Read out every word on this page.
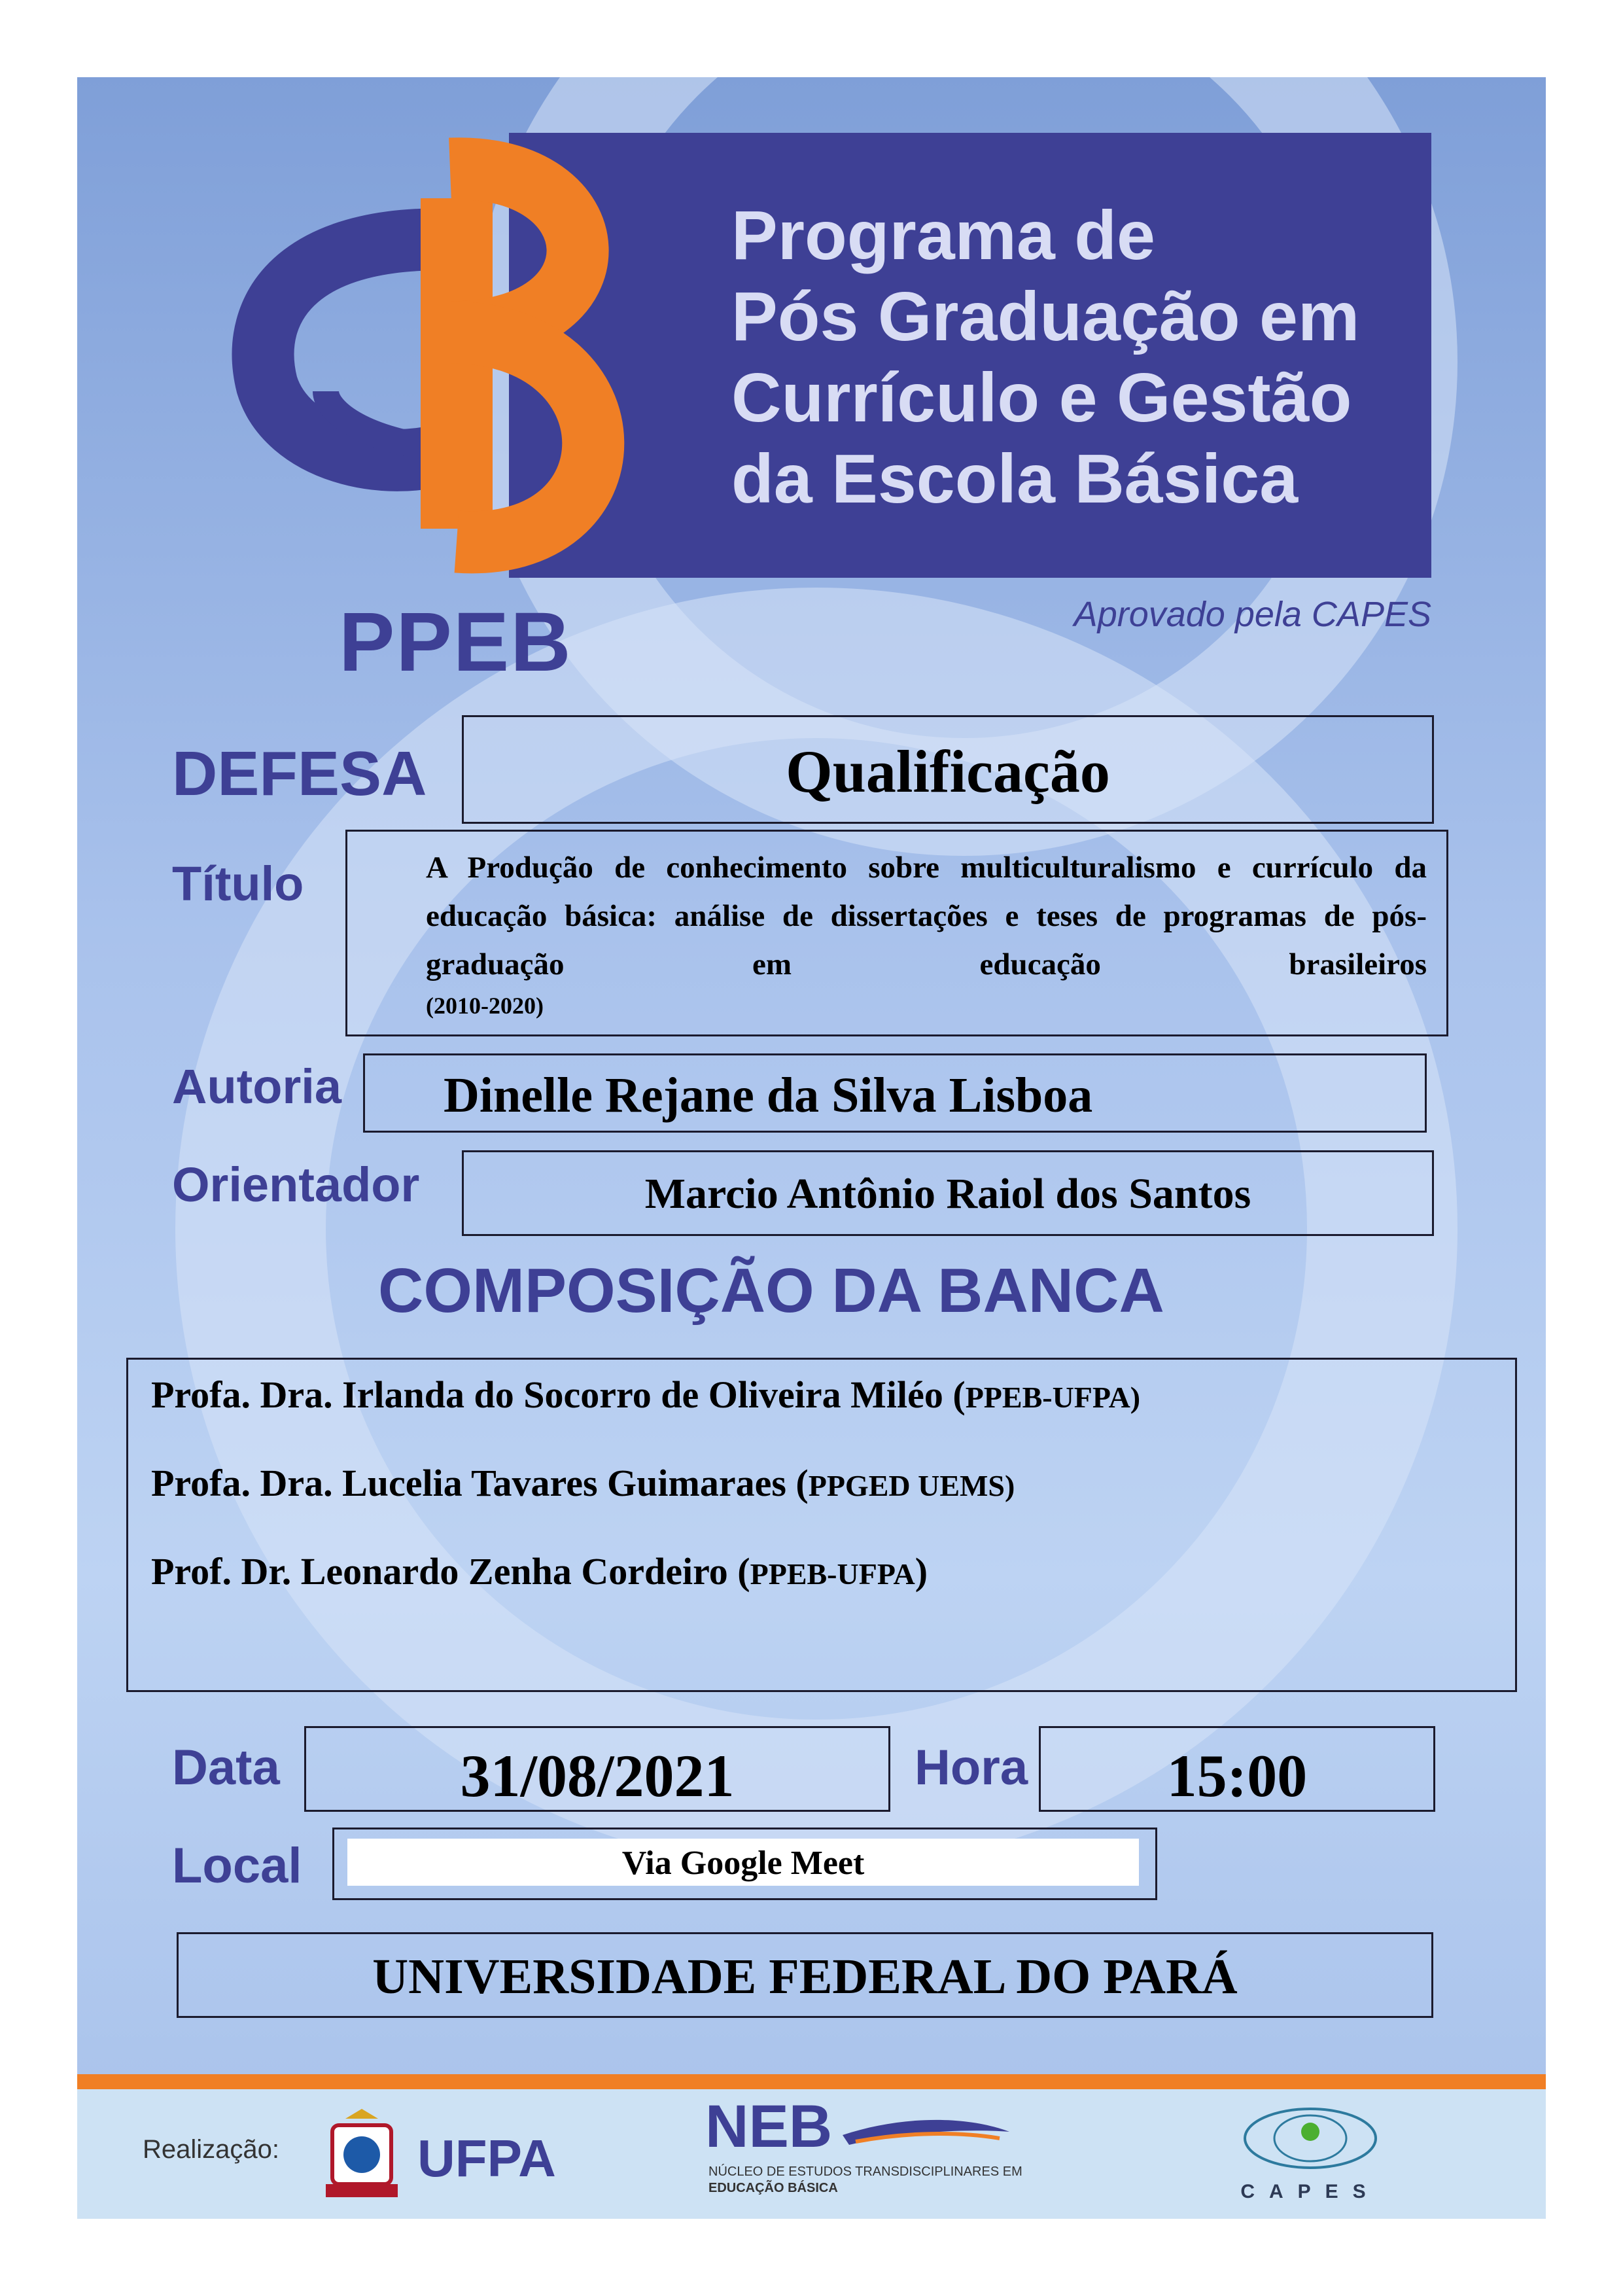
Programa de
Pós Graduação em
Currículo e Gestão
da Escola Básica
PPEB	Aprovado pela CAPES
DEFESA	Qualificação
Título	A Produção de conhecimento sobre multiculturalismo e currículo da educação básica: análise de dissertações e teses de programas de pós-graduação em educação brasileiros
(2010-2020)
Autoria Dinelle Rejane da Silva Lisboa
Orientador	Marcio Antônio Raiol dos Santos
COMPOSIÇÃO DA BANCA
Profa. Dra. Irlanda do Socorro de Oliveira Miléo (PPEB-UFPA)
Profa. Dra. Lucelia Tavares Guimaraes (PPGED UEMS)
Prof. Dr. Leonardo Zenha Cordeiro (PPEB-UFPA)
Data	31/08/2021	Hora	15:00
Local	Via Google Meet
UNIVERSIDADE FEDERAL DO PARÁ
Realização:	UFPA NEB
NÚCLEO DE ESTUDOS TRANSDISCIPLINARES EM
EDUCAÇÃO BÁSICA	CAPES
